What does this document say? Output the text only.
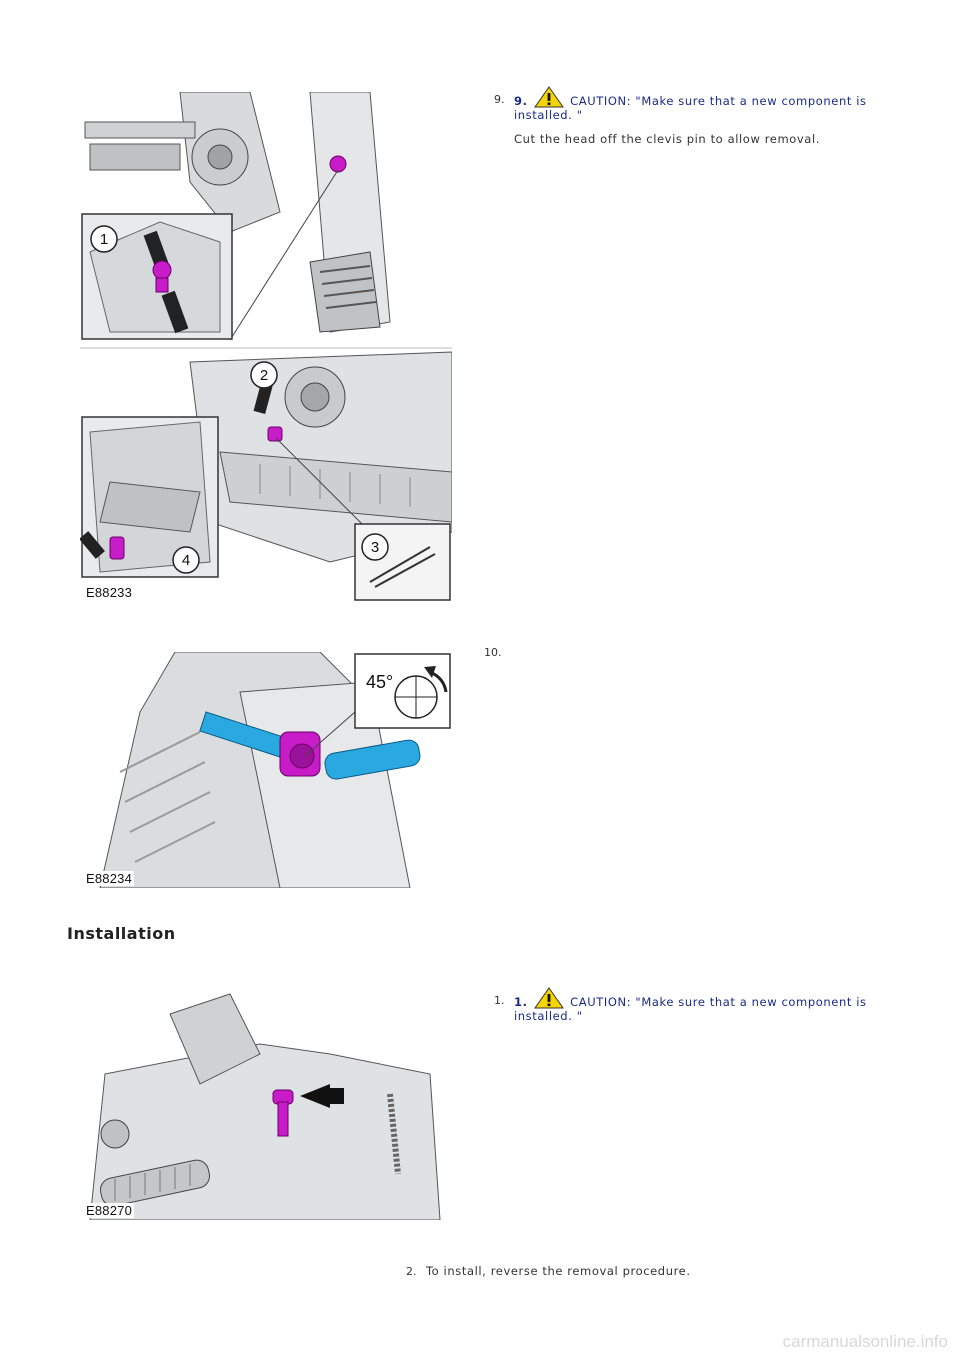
1
2
4
3
E88233
9. 9.	CAUTION: "Make sure that a new component is installed. "
Cut the head off the clevis pin to allow removal.
45°
E88234
10.
Installation
E88270
1. 1.	CAUTION: "Make sure that a new component is installed. "
2. To install, reverse the removal procedure.
carmanualsonline.info
